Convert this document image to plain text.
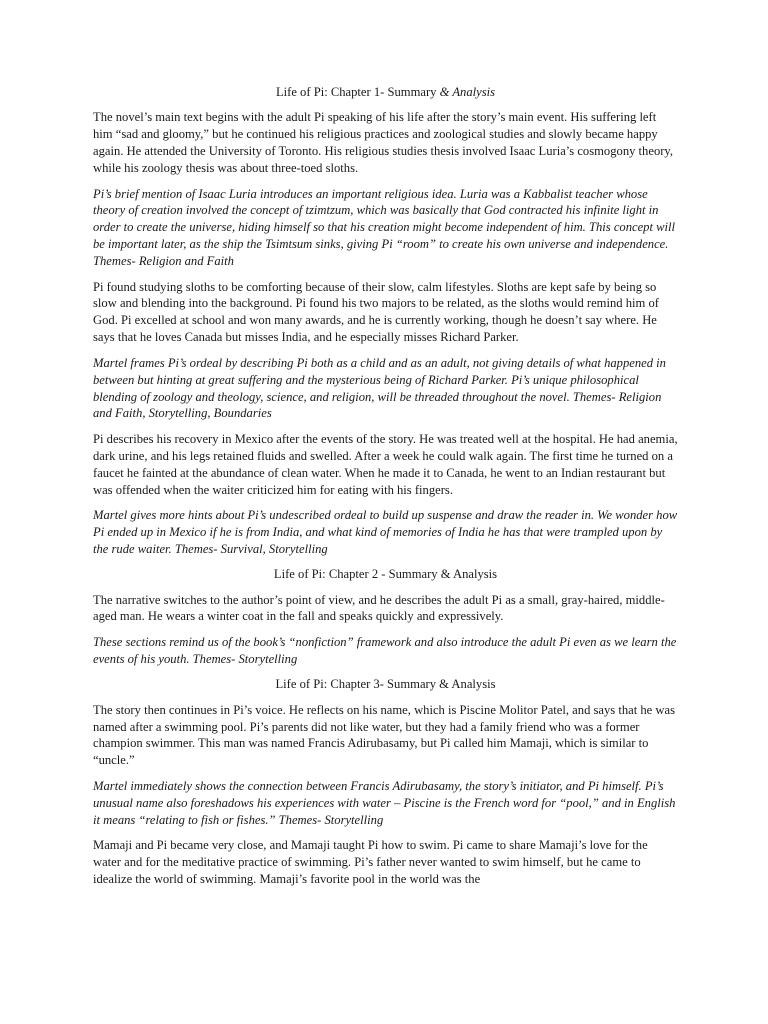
Life of Pi: Chapter 1- Summary & Analysis

The novel’s main text begins with the adult Pi speaking of his life after the story’s main event. His suffering left him “sad and gloomy,” but he continued his religious practices and zoological studies and slowly became happy again. He attended the University of Toronto. His religious studies thesis involved Isaac Luria’s cosmogony theory, while his zoology thesis was about three-toed sloths.

Pi’s brief mention of Isaac Luria introduces an important religious idea. Luria was a Kabbalist teacher whose theory of creation involved the concept of tzimtzum, which was basically that God contracted his infinite light in order to create the universe, hiding himself so that his creation might become independent of him. This concept will be important later, as the ship the Tsimtsum sinks, giving Pi “room” to create his own universe and independence. Themes- Religion and Faith

Pi found studying sloths to be comforting because of their slow, calm lifestyles. Sloths are kept safe by being so slow and blending into the background. Pi found his two majors to be related, as the sloths would remind him of God. Pi excelled at school and won many awards, and he is currently working, though he doesn’t say where. He says that he loves Canada but misses India, and he especially misses Richard Parker.

Martel frames Pi’s ordeal by describing Pi both as a child and as an adult, not giving details of what happened in between but hinting at great suffering and the mysterious being of Richard Parker. Pi’s unique philosophical blending of zoology and theology, science, and religion, will be threaded throughout the novel. Themes- Religion and Faith, Storytelling, Boundaries

Pi describes his recovery in Mexico after the events of the story. He was treated well at the hospital. He had anemia, dark urine, and his legs retained fluids and swelled. After a week he could walk again. The first time he turned on a faucet he fainted at the abundance of clean water. When he made it to Canada, he went to an Indian restaurant but was offended when the waiter criticized him for eating with his fingers.

Martel gives more hints about Pi’s undescribed ordeal to build up suspense and draw the reader in. We wonder how Pi ended up in Mexico if he is from India, and what kind of memories of India he has that were trampled upon by the rude waiter. Themes- Survival, Storytelling

Life of Pi: Chapter 2 - Summary & Analysis

The narrative switches to the author’s point of view, and he describes the adult Pi as a small, gray-haired, middle-aged man. He wears a winter coat in the fall and speaks quickly and expressively.

These sections remind us of the book’s “nonfiction” framework and also introduce the adult Pi even as we learn the events of his youth. Themes- Storytelling

Life of Pi: Chapter 3- Summary & Analysis

The story then continues in Pi’s voice. He reflects on his name, which is Piscine Molitor Patel, and says that he was named after a swimming pool. Pi’s parents did not like water, but they had a family friend who was a former champion swimmer. This man was named Francis Adirubasamy, but Pi called him Mamaji, which is similar to “uncle.”

Martel immediately shows the connection between Francis Adirubasamy, the story’s initiator, and Pi himself. Pi’s unusual name also foreshadows his experiences with water – Piscine is the French word for “pool,” and in English it means “relating to fish or fishes.” Themes- Storytelling

Mamaji and Pi became very close, and Mamaji taught Pi how to swim. Pi came to share Mamaji’s love for the water and for the meditative practice of swimming. Pi’s father never wanted to swim himself, but he came to idealize the world of swimming. Mamaji’s favorite pool in the world was the
